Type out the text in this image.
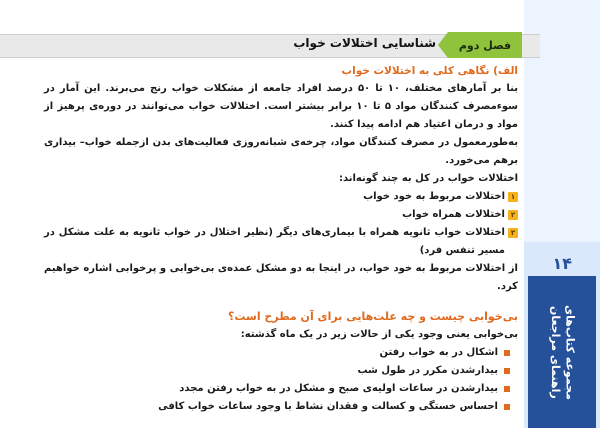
۱۴
مجموعه کتاب‌های راهنمای مراجعان
فصل دوم
شناسایی اختلالات خواب

الف) نگاهی کلی به اختلالات خواب

بنا بر آمارهای مختلف، ۱۰ تا ۵۰ درصد افراد جامعه از مشکلات خواب رنج می‌برند. این آمار در سوءمصرف کنندگان مواد ۵ تا ۱۰ برابر بیشتر است. اختلالات خواب می‌توانند در دوره‌ی پرهیز از مواد و درمان اعتیاد هم ادامه پیدا کنند.

به‌طورمعمول در مصرف کنندگان مواد، چرخه‌ی شبانه‌روزی فعالیت‌های بدن ازجمله خواب– بیداری برهم می‌خورد.

اختلالات خواب در کل به چند گونه‌اند:

۱
اختلالات مربوط به خود خواب
۲
اختلالات همراه خواب
۳
اختلالات خواب ثانویه همراه با بیماری‌های دیگر (نظیر اختلال در خواب ثانویه به علت مشکل در مسیر تنفس فرد)

از اختلالات مربوط به خود خواب، در اینجا به دو مشکل عمده‌ی بی‌خوابی و پرخوابی اشاره خواهیم کرد.

بی‌خوابی چیست و چه علت‌هایی برای آن مطرح است؟

بی‌خوابی یعنی وجود یکی از حالات زیر در یک ماه گذشته:

اشکال در به خواب رفتن
بیدارشدن مکرر در طول شب
بیدارشدن در ساعات اولیه‌ی صبح و مشکل در به خواب رفتن مجدد
احساس خستگی و کسالت و فقدان نشاط با وجود ساعات خواب کافی
